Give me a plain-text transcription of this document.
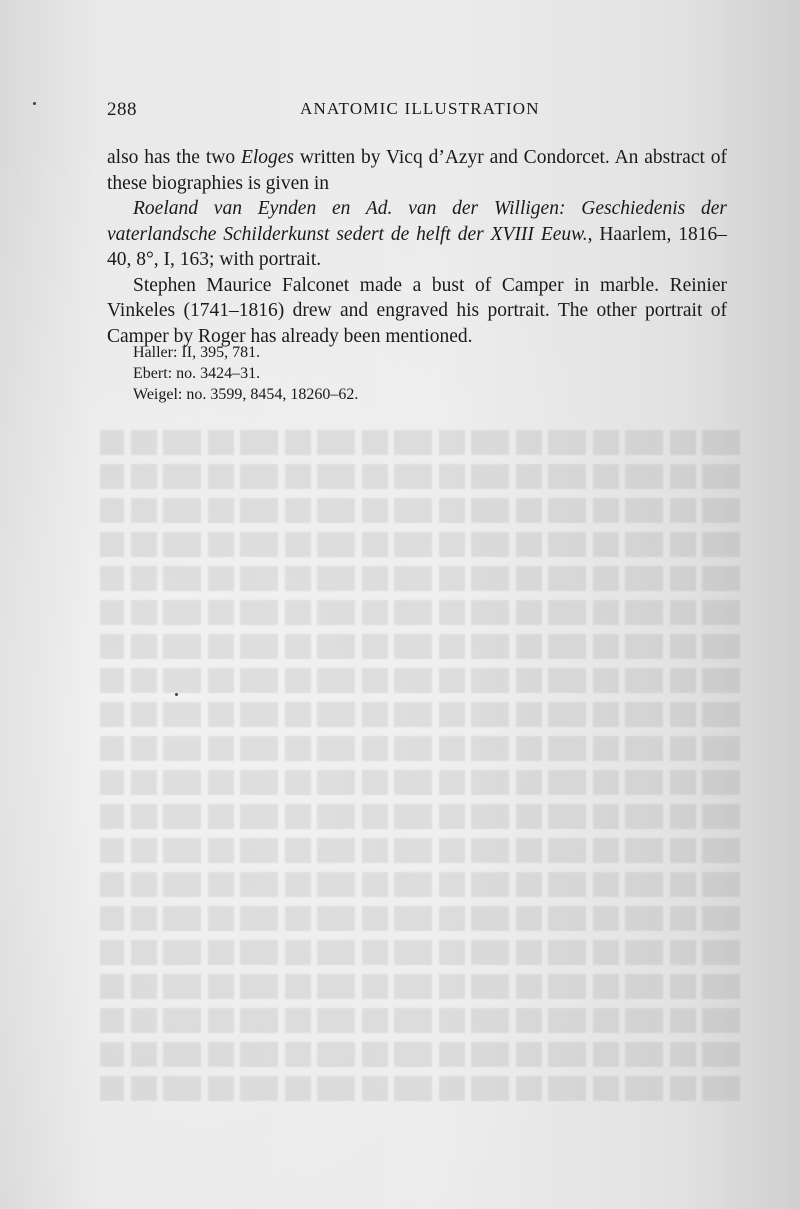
288	ANATOMIC ILLUSTRATION

also has the two Eloges written by Vicq d’Azyr and Condorcet. An abstract of these biographies is given in

Roeland van Eynden en Ad. van der Willigen: Geschiedenis der vaterlandsche Schilderkunst sedert de helft der XVIII Eeuw., Haarlem, 1816–40, 8°, I, 163; with portrait.

Stephen Maurice Falconet made a bust of Camper in marble. Reinier Vinkeles (1741–1816) drew and engraved his portrait. The other portrait of Camper by Roger has already been mentioned.

Haller: II, 395, 781.
Ebert: no. 3424–31.
Weigel: no. 3599, 8454, 18260–62.
